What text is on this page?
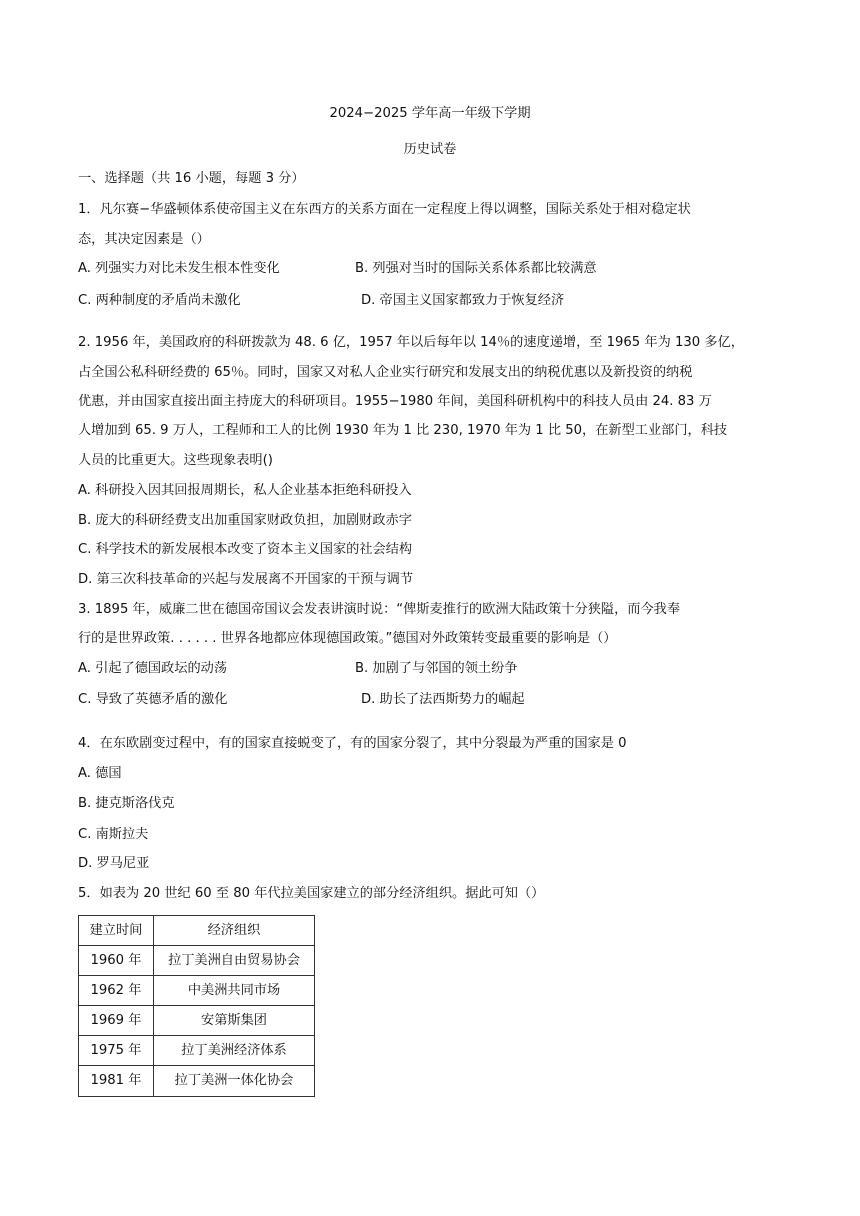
2024−2025 学年高一年级下学期
历史试卷
一、选择题（共 16 小题，每题 3 分）
1．凡尔赛−华盛顿体系使帝国主义在东西方的关系方面在一定程度上得以调整，国际关系处于相对稳定状
态，其决定因素是（）
A. 列强实力对比未发生根本性变化	B. 列强对当时的国际关系体系都比较满意
C. 两种制度的矛盾尚未激化	D. 帝国主义国家都致力于恢复经济
2. 1956 年，美国政府的科研拨款为 48. 6 亿，1957 年以后每年以 14％的速度递增，至 1965 年为 130 多亿，
占全国公私科研经费的 65％。同时，国家又对私人企业实行研究和发展支出的纳税优惠以及新投资的纳税
优惠，并由国家直接出面主持庞大的科研项目。1955−1980 年间，美国科研机构中的科技人员由 24. 83 万
人增加到 65. 9 万人，工程师和工人的比例 1930 年为 1 比 230, 1970 年为 1 比 50，在新型工业部门，科技
人员的比重更大。这些现象表明()
A. 科研投入因其回报周期长，私人企业基本拒绝科研投入
B. 庞大的科研经费支出加重国家财政负担，加剧财政赤字
C. 科学技术的新发展根本改变了资本主义国家的社会结构
D. 第三次科技革命的兴起与发展离不开国家的干预与调节
3. 1895 年，威廉二世在德国帝国议会发表讲演时说：“俾斯麦推行的欧洲大陆政策十分狭隘，而今我奉
行的是世界政策. . . . . . 世界各地都应体现德国政策。”德国对外政策转变最重要的影响是（）
A. 引起了德国政坛的动荡	B. 加剧了与邻国的领土纷争
C. 导致了英德矛盾的激化	D. 助长了法西斯势力的崛起
4．在东欧剧变过程中，有的国家直接蜕变了，有的国家分裂了，其中分裂最为严重的国家是 0
A. 德国
B. 捷克斯洛伐克
C. 南斯拉夫
D. 罗马尼亚
5．如表为 20 世纪 60 至 80 年代拉美国家建立的部分经济组织。据此可知（）
建立时间	经济组织
1960 年	拉丁美洲自由贸易协会
1962 年	中美洲共同市场
1969 年	安第斯集团
1975 年	拉丁美洲经济体系
1981 年	拉丁美洲一体化协会
